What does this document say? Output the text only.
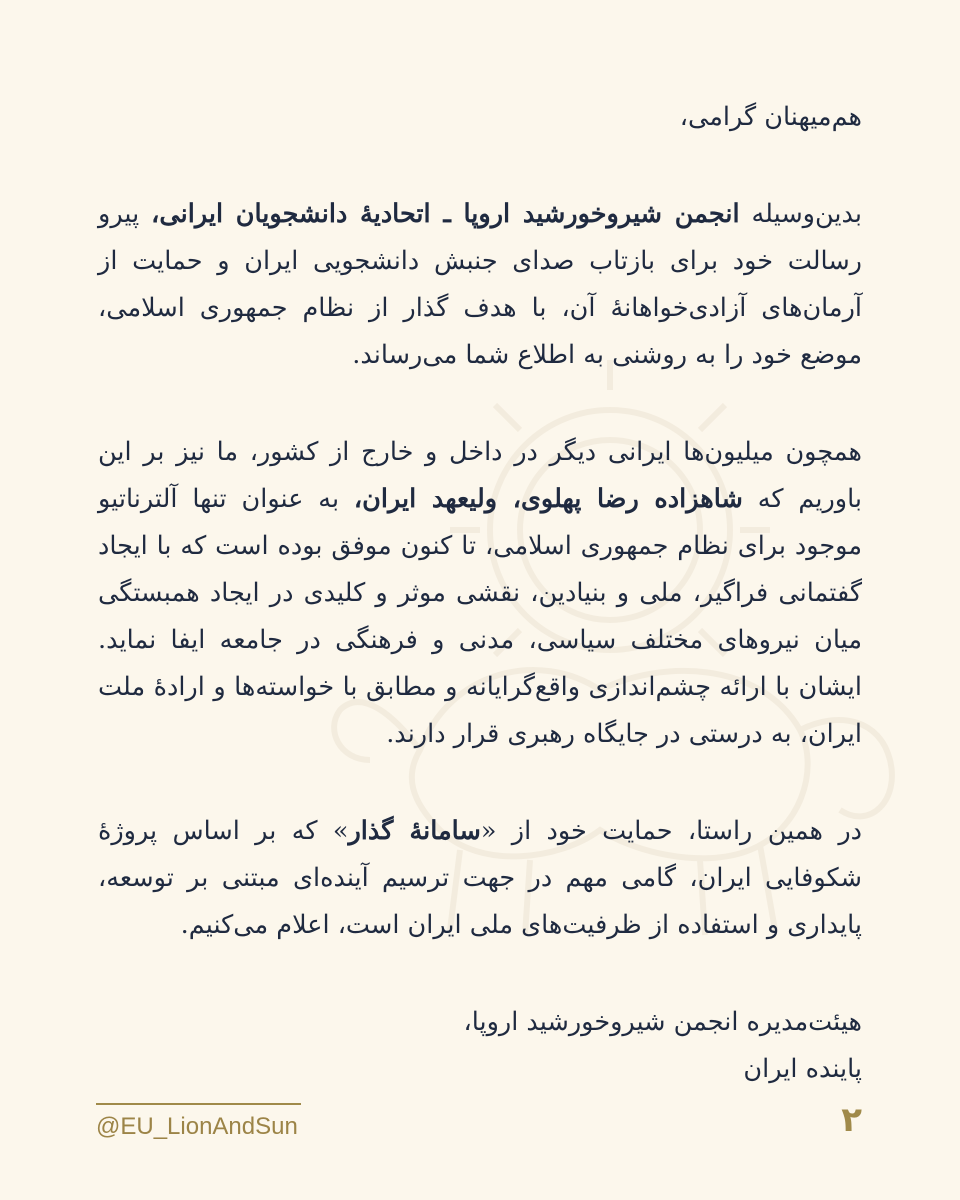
هم‌میهنان گرامی،

بدین‌وسیله انجمن شیروخورشید اروپا ـ اتحادیهٔ دانشجویان ایرانی، پیرو رسالت خود برای بازتاب صدای جنبش دانشجویی ایران و حمایت از آرمان‌های آزادی‌خواهانهٔ آن، با هدف گذار از نظام جمهوری اسلامی، موضع خود را به روشنی به اطلاع شما می‌رساند.

همچون میلیون‌ها ایرانی دیگر در داخل و خارج از کشور، ما نیز بر این باوریم که شاهزاده رضا پهلوی، ولیعهد ایران، به عنوان تنها آلترناتیو موجود برای نظام جمهوری اسلامی، تا کنون موفق بوده است که با ایجاد گفتمانی فراگیر، ملی و بنیادین، نقشی موثر و کلیدی در ایجاد همبستگی میان نیروهای مختلف سیاسی، مدنی و فرهنگی در جامعه ایفا نماید. ایشان با ارائه چشم‌اندازی واقع‌گرایانه و مطابق با خواسته‌ها و ارادهٔ ملت ایران، به درستی در جایگاه رهبری قرار دارند.

در همین راستا، حمایت خود از «سامانهٔ گذار» که بر اساس پروژهٔ شکوفایی ایران، گامی مهم در جهت ترسیم آینده‌ای مبتنی بر توسعه، پایداری و استفاده از ظرفیت‌های ملی ایران است، اعلام می‌کنیم.

هیئت‌مدیره انجمن شیروخورشید اروپا،
پاینده ایران

@EU_LionAndSun	۲
